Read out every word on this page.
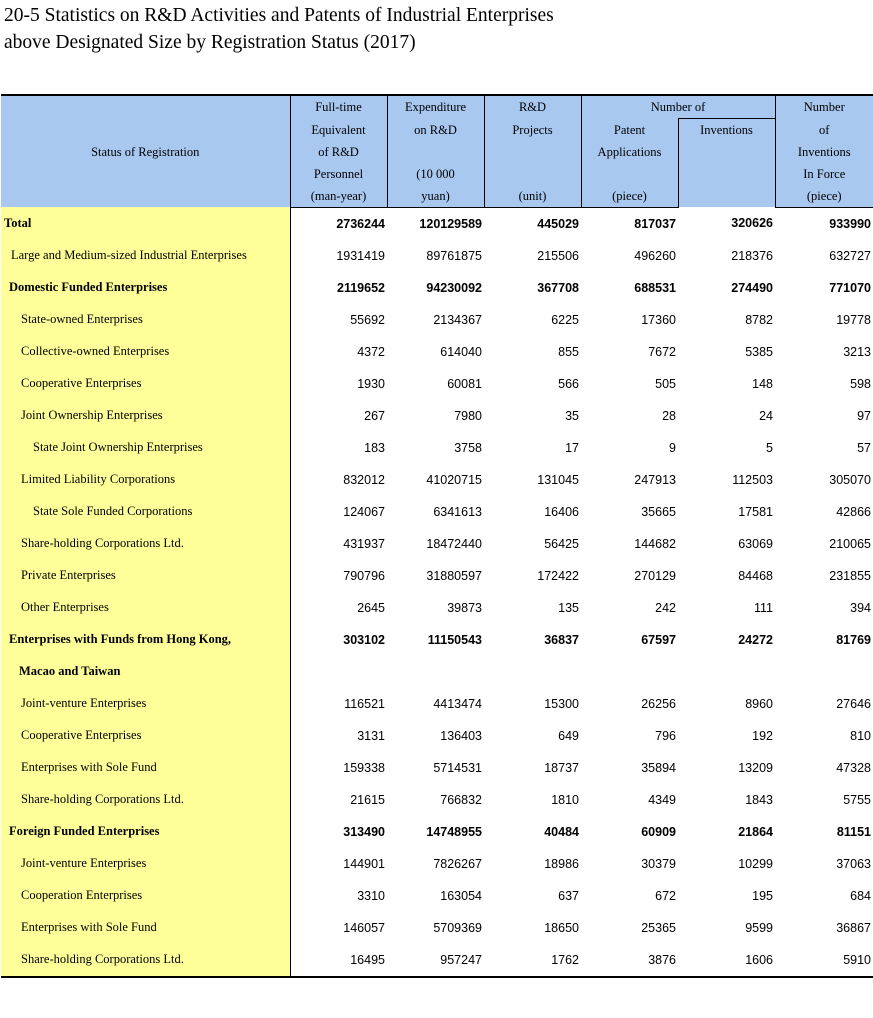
20-5 Statistics on R&D Activities and Patents of Industrial Enterprises
above Designated Size by Registration Status (2017)
Status of Registration	Full-time	Expenditure	R&D	Number of		Number
	Equivalent	on R&D	Projects	Patent	Inventions	of
	of R&D			Applications		Inventions
	Personnel	(10 000				In Force
	(man-year)	yuan)	(unit)	(piece)		(piece)
Total	2736244	120129589	445029	817037	320626	933990
Large and Medium-sized Industrial Enterprises	1931419	89761875	215506	496260	218376	632727
Domestic Funded Enterprises	2119652	94230092	367708	688531	274490	771070
State-owned Enterprises	55692	2134367	6225	17360	8782	19778
Collective-owned Enterprises	4372	614040	855	7672	5385	3213
Cooperative Enterprises	1930	60081	566	505	148	598
Joint Ownership Enterprises	267	7980	35	28	24	97
State Joint Ownership Enterprises	183	3758	17	9	5	57
Limited Liability Corporations	832012	41020715	131045	247913	112503	305070
State Sole Funded Corporations	124067	6341613	16406	35665	17581	42866
Share-holding Corporations Ltd.	431937	18472440	56425	144682	63069	210065
Private Enterprises	790796	31880597	172422	270129	84468	231855
Other Enterprises	2645	39873	135	242	111	394
Enterprises with Funds from Hong Kong,	303102	11150543	36837	67597	24272	81769
Macao and Taiwan						
Joint-venture Enterprises	116521	4413474	15300	26256	8960	27646
Cooperative Enterprises	3131	136403	649	796	192	810
Enterprises with Sole Fund	159338	5714531	18737	35894	13209	47328
Share-holding Corporations Ltd.	21615	766832	1810	4349	1843	5755
Foreign Funded Enterprises	313490	14748955	40484	60909	21864	81151
Joint-venture Enterprises	144901	7826267	18986	30379	10299	37063
Cooperation Enterprises	3310	163054	637	672	195	684
Enterprises with Sole Fund	146057	5709369	18650	25365	9599	36867
Share-holding Corporations Ltd.	16495	957247	1762	3876	1606	5910
